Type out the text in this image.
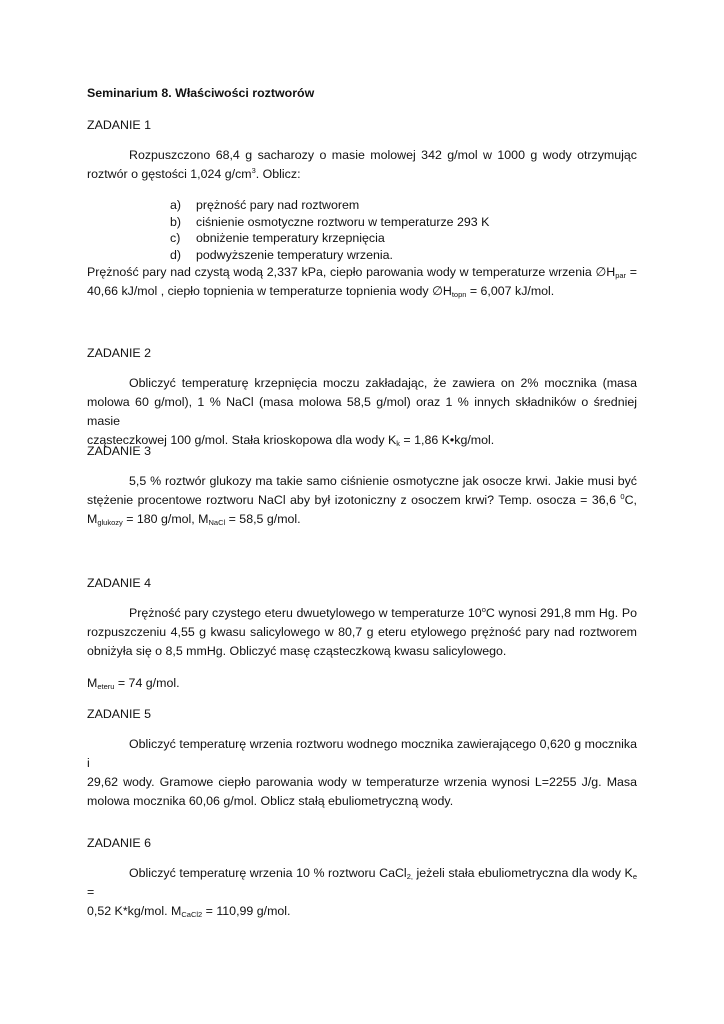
Seminarium 8. Właściwości roztworów
ZADANIE 1
Rozpuszczono 68,4 g sacharozy o masie molowej 342 g/mol w 1000 g wody otrzymując
roztwór o gęstości 1,024 $g/cm^3$. Oblicz:
a)	prężność pary nad roztworem
b)	ciśnienie osmotyczne roztworu w temperaturze 293 K
c)	obniżenie temperatury krzepnięcia
d)	podwyższenie temperatury wrzenia.
Prężność pary nad czystą wodą 2,337 kPa, ciepło parowania wody w temperaturze wrzenia $\emptyset H_{par}$ =
40,66 kJ/mol , ciepło topnienia w temperaturze topnienia wody $\emptyset H_{topn} = 6,007$ kJ/mol.
ZADANIE 2
Obliczyć temperaturę krzepnięcia moczu zakładając, że zawiera on 2% mocznika (masa
molowa 60 g/mol), 1 % NaCl (masa molowa 58,5 g/mol) oraz 1 % innych składników o średniej masie
cząsteczkowej 100 g/mol. Stała krioskopowa dla wody $K_k = 1,86$ K•kg/mol.
ZADANIE 3
5,5 % roztwór glukozy ma takie samo ciśnienie osmotyczne jak osocze krwi. Jakie musi być
stężenie procentowe roztworu NaCl aby był izotoniczny z osoczem krwi? Temp. osocza = 36,6 $^0$C,
$M_{glukozy} = 180$ g/mol, $M_{NaCl} = 58,5$ g/mol.
ZADANIE 4
Prężność pary czystego eteru dwuetylowego w temperaturze 10$^o$C wynosi 291,8 mm Hg. Po
rozpuszczeniu 4,55 g kwasu salicylowego w 80,7 g eteru etylowego prężność pary nad roztworem
obniżyła się o 8,5 mmHg. Obliczyć masę cząsteczkową kwasu salicylowego.
$M_{eteru} = 74$ g/mol.
ZADANIE 5
Obliczyć temperaturę wrzenia roztworu wodnego mocznika zawierającego 0,620 g mocznika i
29,62 wody. Gramowe ciepło parowania wody w temperaturze wrzenia wynosi L=2255 J/g. Masa
molowa mocznika 60,06 g/mol. Oblicz stałą ebuliometryczną wody.
ZADANIE 6
Obliczyć temperaturę wrzenia 10 % roztworu CaCl$_{2,}$ jeżeli stała ebuliometryczna dla wody $K_e$ =
0,52 K*kg/mol. $M_{CaCl2} = 110,99$ g/mol.
